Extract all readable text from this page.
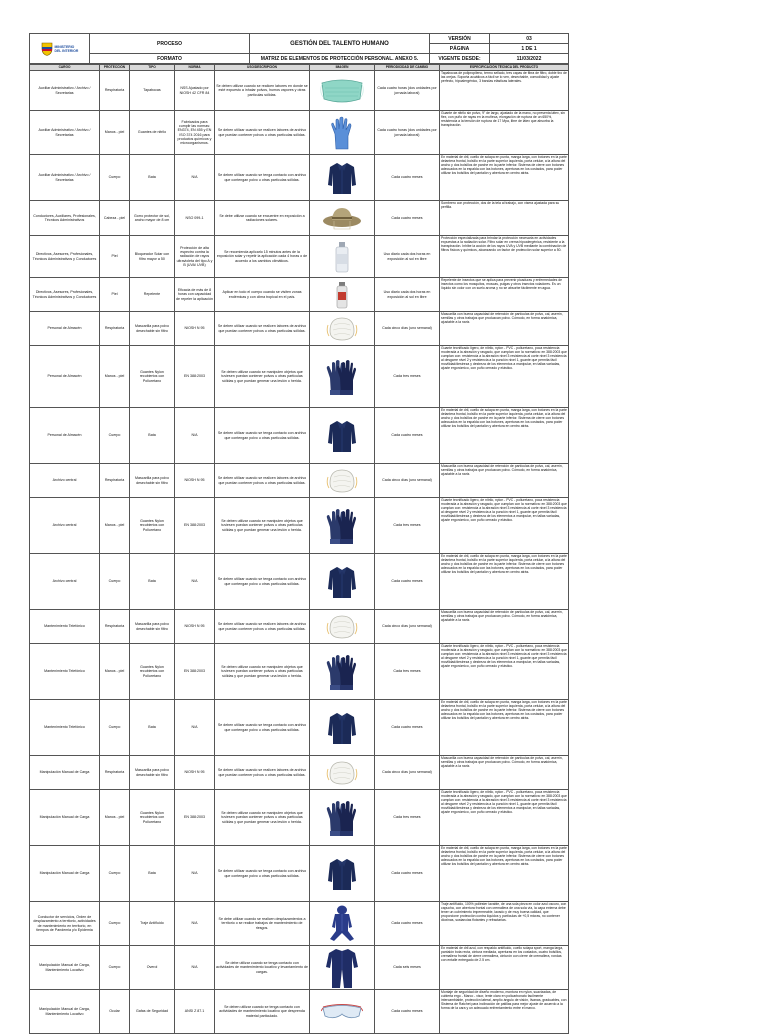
MINISTERIO
DEL INTERIOR	PROCESO	GESTIÓN DEL TALENTO HUMANO	VERSIÓN	03
			PÁGINA	1 DE 1
	FORMATO	MATRIZ DE ELEMENTOS DE PROTECCIÓN PERSONAL. ANEXO 5.	VIGENTE DESDE:	11/03/2022

CARGO	PROTECCIÓN	TIPO	NORMA	USO/DESCRIPCIÓN	IMAGEN	PERIODICIDAD DE CAMBIO	ESPECIFICACIÓN TÉCNICA DEL PRODUCTO
Auxiliar Administrativo / Archivo / Secretarias	Respiratoria	Tapabocas	NSS Ajustado por NIOSH 42 CFR 84	Se deben utilizar cuando se realicen labores en donde se esté expuesto a inhalar polvos, humos vapores y otras partículas sólidas.		Cada cuatro horas (dos unidades por jornada laboral)	Tapabocas de polipropileno, termo sellado, tres capas de fibra de filtro, doble tiro de las orejas. Soporta acuáticos a fácil se lo ven, desechable, comodidad y ajuste perfecto, hipoalergénico, 3 bandas elásticas laterales.
Auxiliar Administrativo / Archivo / Secretarias	Manos - piel	Guantes de nitrilo	Fabricados para cumplir las normas: EN374, EN 455 y EN ISO 374 2016 para productos químicos y microorganismos.	Se deben utilizar cuando se realicen labores de archivo que puedan contener polvos u otras partículas sólidas.		Cada cuatro horas (dos unidades por jornada laboral)	Guante de nitrilo sin polvo, 9" de largo, ajustado de la mano, no presenta látex, sin flex, con puño de rayas en la muñeca, elongación de ruptura de un 650%, resistencia a la tensión de ruptura de 17 Mpa, libre de látex que absorba la transpiración.
Auxiliar Administrativo / Archivo / Secretarias	Cuerpo	Bata	N/A	Se deben utilizar cuando se tenga contacto con archivo que contengan polvo u otras partículas sólidas.		Cada cuatro meses	En material de dril, cuello de solapa en punta, manga larga, con botones en la parte delantera frontal, bolsillo en la parte superior izquierda, porta celular, a la altura del ancho y dos bolsillos de parche en la parte inferior. Sistema de cierre con botones adecuados en la espalda con las botones, aperturas en los costados, para poder utilizar los bolsillos del pantalón y abertura en centro atrás.
Conductores, Auxiliares, Profesionales, Técnicos Administrativos	Cabeza - piel	Gorro protector de sol, ancho mayor de 8 cm	NSO 099-1	Se debe utilizar cuando se encuentre en exposición a radiaciones solares.		Cada cuatro meses	Sombrero con protección, dos de la tela al trabajo, con visera ajustada para su perfilla.
Directivos, Asesores, Profesionales, Técnicos Administrativos y Conductores	Piel	Bloqueador Solar con filtro mayor a 50	Protección de alta espectro contra la radiación de rayos ultravioleta del tipo A y B (UVA/ UVB)	Se recomienda aplicarlo 15 minutos antes de la exposición solar y repetir la aplicación cada 4 horas o de acuerdo a los cambios climáticos.		Uso diario cada dos horas en exposición al sol en libre	Protección especializada para brindar la protección necesaria en actividades expuestas a la radiación solar. Filtro solar en crema hipoalergénica, resistente a la transpiración. Inhibe la acción de los rayos UVA y UVB mediante la combinación de filtros físicos y químicos, alcanzando un factor de protección solar superior a 50.
Directivos, Asesores, Profesionales, Técnicos Administrativos y Conductores	Piel	Repelente	Eficacia de más de 8 horas con capacidad de repeler la aplicación	Aplicar en todo el cuerpo cuando se visiten zonas endémicas y con clima tropical en el país.		Uso diario cada dos horas en exposición al sol en libre	Repelente de insectos que se aplica para prevenir picaduras y enfermedades de insectos como los mosquitos, moscas, pulgas y otros insectos voladores. Es un líquido sin color con un suelo aroma y no se absorbe fácilmente en agua.
Personal de Almacén	Respiratoria	Mascarilla para polvo desechable sin filtro	NIOSH N 95	Se deben utilizar cuando se realicen labores de archivo que puedan contener polvos u otras partículas sólidas.		Cada cinco días (uno semanal)	Mascarilla con buena capacidad de retención de partículas de polvo, cal, aserrín, semillas y otros trabajos que produzcan polvo. Cómodo, en forma anatómica, ajustable a la nariz.
Personal de Almacén	Manos - piel	Guantes Nylon recubiertos con Poliuretano	EN 388:2003	Se deben utilizar cuando se manipulen objetos que tuviesen puedan contener polvos u otras partículas sólidas y que puedan generar una lesión o herida.		Cada tres meses	Guante tecnificado ligero, de nitrilo, nylon - PVC - poliuretano, poca resistencia moderada a la abrasión y rasgado, que cumplan con la normativa: en 388:2003 que cumplan con: resistencia a la abrasión nivel 3 resistencia al corte nivel 3 resistencia al desgarre nivel 2 y resistencia a la punción nivel 1, guante que permita fácil movilidad/destreza y destreza de los elementos a manipular, en tallas variadas, ajuste ergonómico, con puño cerrado y elástico.
Personal de Almacén	Cuerpo	Bata	N/A	Se deben utilizar cuando se tenga contacto con archivo que contengan polvo u otras partículas sólidas.		Cada cuatro meses	En material de dril, cuello de solapa en punta, manga larga, con botones en la parte delantera frontal, bolsillo en la parte superior izquierda, porta celular, a la altura del ancho y dos bolsillos de parche en la parte inferior. Sistema de cierre con botones adecuados en la espalda con las botones, aperturas en los costados, para poder utilizar los bolsillos del pantalón y abertura en centro atrás.
Archivo central	Respiratoria	Mascarilla para polvo desechable sin filtro	NIOSH N 95	Se deben utilizar cuando se realicen labores de archivo que puedan contener polvos u otras partículas sólidas.		Cada cinco días (uno semanal)	Mascarilla con buena capacidad de retención de partículas de polvo, cal, aserrín, semillas y otros trabajos que produzcan polvo. Cómodo, en forma anatómica, ajustable a la nariz.
Archivo central	Manos - piel	Guantes Nylon recubiertos con Poliuretano	EN 388:2003	Se deben utilizar cuando se manipulen objetos que tuviesen puedan contener polvos u otras partículas sólidas y que puedan generar una lesión o herida.		Cada tres meses	Guante tecnificado ligero, de nitrilo, nylon - PVC - poliuretano, poca resistencia moderada a la abrasión y rasgado, que cumplan con la normativa: en 388:2003 que cumplan con: resistencia a la abrasión nivel 3 resistencia al corte nivel 3 resistencia al desgarre nivel 2 y resistencia a la punción nivel 1, guante que permita fácil movilidad/destreza y destreza de los elementos a manipular, en tallas variadas, ajuste ergonómico, con puño cerrado y elástico.
Archivo central	Cuerpo	Bata	N/A	Se deben utilizar cuando se tenga contacto con archivo que contengan polvo u otras partículas sólidas.		Cada cuatro meses	En material de dril, cuello de solapa en punta, manga larga, con botones en la parte delantera frontal, bolsillo en la parte superior izquierda, porta celular, a la altura del ancho y dos bolsillos de parche en la parte inferior. Sistema de cierre con botones adecuados en la espalda con las botones, aperturas en los costados, para poder utilizar los bolsillos del pantalón y abertura en centro atrás.
Mantenimiento Telefónico	Respiratoria	Mascarilla para polvo desechable sin filtro	NIOSH N 95	Se deben utilizar cuando se realicen labores de archivo que puedan contener polvos u otras partículas sólidas.		Cada cinco días (uno semanal)	Mascarilla con buena capacidad de retención de partículas de polvo, cal, aserrín, semillas y otros trabajos que produzcan polvo. Cómodo, en forma anatómica, ajustable a la nariz.
Mantenimiento Telefónico	Manos - piel	Guantes Nylon recubiertos con Poliuretano	EN 388:2003	Se deben utilizar cuando se manipulen objetos que tuviesen puedan contener polvos u otras partículas sólidas y que puedan generar una lesión o herida.		Cada tres meses	Guante tecnificado ligero, de nitrilo, nylon - PVC - poliuretano, poca resistencia moderada a la abrasión y rasgado, que cumplan con la normativa: en 388:2003 que cumplan con: resistencia a la abrasión nivel 3 resistencia al corte nivel 3 resistencia al desgarre nivel 2 y resistencia a la punción nivel 1, guante que permita fácil movilidad/destreza y destreza de los elementos a manipular, en tallas variadas, ajuste ergonómico, con puño cerrado y elástico.
Mantenimiento Telefónico	Cuerpo	Bata	N/A	Se deben utilizar cuando se tenga contacto con archivo que contengan polvo u otras partículas sólidas.		Cada cuatro meses	En material de dril, cuello de solapa en punta, manga larga, con botones en la parte delantera frontal, bolsillo en la parte superior izquierda, porta celular, a la altura del ancho y dos bolsillos de parche en la parte inferior. Sistema de cierre con botones adecuados en la espalda con las botones, aperturas en los costados, para poder utilizar los bolsillos del pantalón y abertura en centro atrás.
Manipulación Manual de Carga	Respiratoria	Mascarilla para polvo desechable sin filtro	NIOSH N 95	Se deben utilizar cuando se realicen labores de archivo que puedan contener polvos u otras partículas sólidas.		Cada cinco días (uno semanal)	Mascarilla con buena capacidad de retención de partículas de polvo, cal, aserrín, semillas y otros trabajos que produzcan polvo. Cómodo, en forma anatómica, ajustable a la nariz.
Manipulación Manual de Carga	Manos - piel	Guantes Nylon recubiertos con Poliuretano	EN 388:2003	Se deben utilizar cuando se manipulen objetos que tuviesen puedan contener polvos u otras partículas sólidas y que puedan generar una lesión o herida.		Cada tres meses	Guante tecnificado ligero, de nitrilo, nylon - PVC - poliuretano, poca resistencia moderada a la abrasión y rasgado, que cumplan con la normativa: en 388:2003 que cumplan con: resistencia a la abrasión nivel 3 resistencia al corte nivel 3 resistencia al desgarre nivel 2 y resistencia a la punción nivel 1, guante que permita fácil movilidad/destreza y destreza de los elementos a manipular, en tallas variadas, ajuste ergonómico, con puño cerrado y elástico.
Manipulación Manual de Carga	Cuerpo	Bata	N/A	Se deben utilizar cuando se tenga contacto con archivo que contengan polvo u otras partículas sólidas.		Cada cuatro meses	En material de dril, cuello de solapa en punta, manga larga, con botones en la parte delantera frontal, bolsillo en la parte superior izquierda, porta celular, a la altura del ancho y dos bolsillos de parche en la parte inferior. Sistema de cierre con botones adecuados en la espalda con las botones, aperturas en los costados, para poder utilizar los bolsillos del pantalón y abertura en centro atrás.
Conductor de servicios, Orden de desplazamiento a territorio, actividades de mantenimiento en territorio, en tiempos de Pandemia y/o Epidemia	Cuerpo	Traje Antifluido	N/A	Se debe utilizar cuando se realicen desplazamientos a territorio o se realice trabajos de mantenimiento de riesgos.		Cada cuatro meses	Traje antifluido, 100% poliéster lavable, de una sola pieza en color azul oscuro, con capucha, con abertura frontal con cremallera de una sola vía, la capa externa debe tener un cubrimiento impermeable, lavado y de muy buena calidad, que proporcione protección contra líquidos y partículas de +0,5 micras, no contener dioxinas, sustancias flotantes y refractarias.
Manipulación Manual de Carga, Mantenimiento Locativo	Cuerpo	Overol	N/A	Se debe utilizar cuando se tenga contacto con actividades de mantenimiento locativo y levantamiento de cargas.		Cada seis meses	En material de dril azul, con respaldo antifluido, cuello solapa sport, manga larga, pantalón bota recta, cintura mediada, aperturas en los costados, cuatro bolsillos, cremallera frontal de cierre cremallera, cinturón con cierre de cremallera, rondas con entalle entregado de 2.5 cm.
Manipulación Manual de Carga, Mantenimiento Locativo	Ocular	Gafas de Seguridad	ANSI Z 87.1	Se deben utilizar cuando se tenga contacto con actividades de mantenimiento locativo que desprenda material particulado.		Cada cuatro meses	Montaje de seguridad de diseño moderno, montura en nylon, suavizadas, de cubierta ergo - Marco - visor, lente claro en policarbonato facilmente intercambiable, protección lateral, amplio ángulo de visión, livanas, graduables, con Sistema de Ratchet para inclinación de patillas para mejor ajuste de acuerdo a la forma de la cara y un adecuado enfrentamiento entre el marco.
